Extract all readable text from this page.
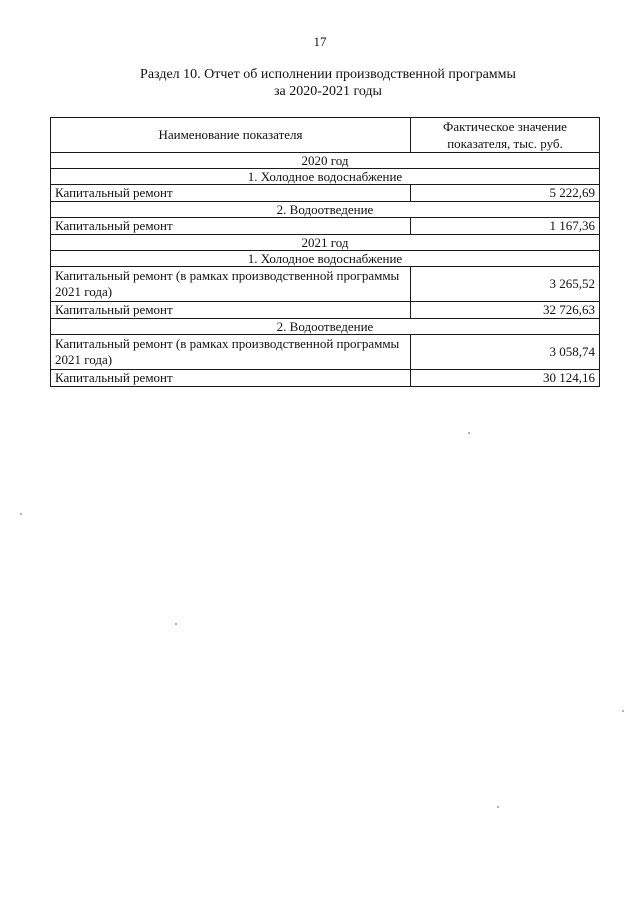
17
Раздел 10. Отчет об исполнении производственной программы
за 2020-2021 годы
Наименование показателя	Фактическое значение
показателя, тыс. руб.

2020 год	
1. Холодное водоснабжение	
Капитальный ремонт	5 222,69
2. Водоотведение	
Капитальный ремонт	1 167,36
2021 год	
1. Холодное водоснабжение	
Капитальный ремонт (в рамках производственной программы 2021 года)	3 265,52
Капитальный ремонт	32 726,63
2. Водоотведение	
Капитальный ремонт (в рамках производственной программы 2021 года)	3 058,74
Капитальный ремонт	30 124,16
